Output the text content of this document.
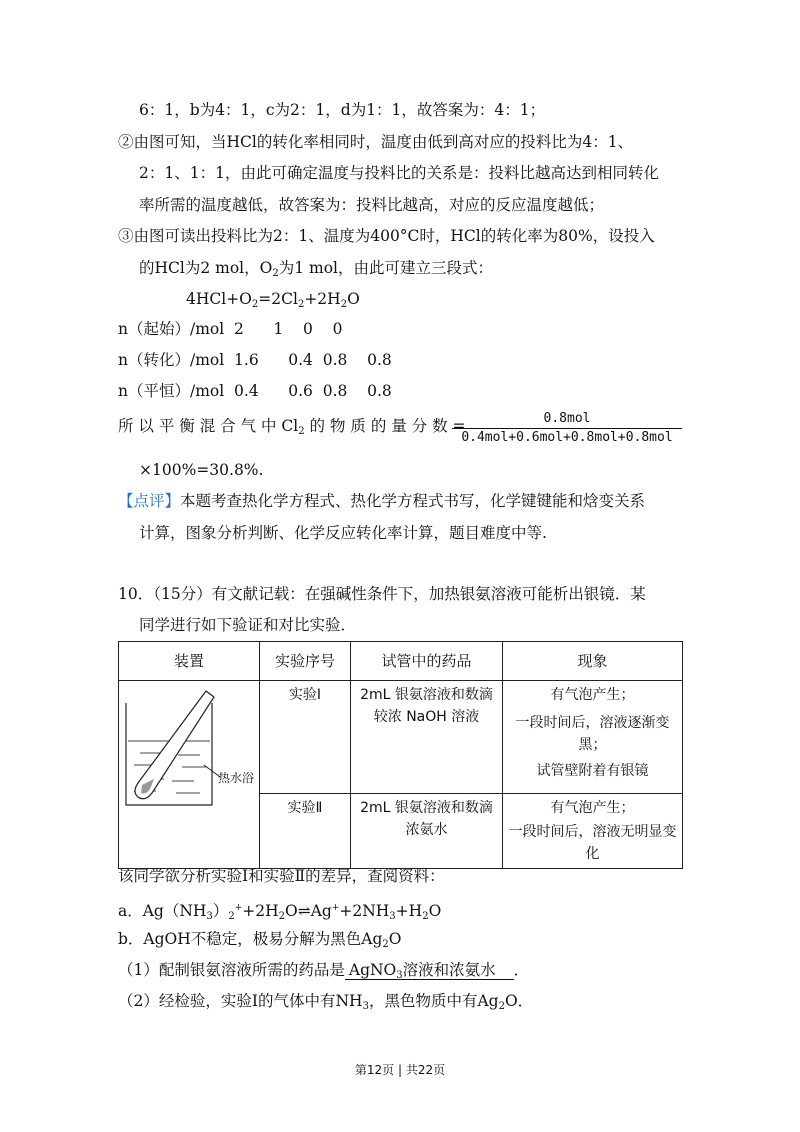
6：1，b为4：1，c为2：1，d为1：1，故答案为：4：1；
②由图可知，当HCl的转化率相同时，温度由低到高对应的投料比为4：1、
2：1、1：1，由此可确定温度与投料比的关系是：投料比越高达到相同转化
率所需的温度越低，故答案为：投料比越高，对应的反应温度越低；
③由图可读出投料比为2：1、温度为400°C时，HCl的转化率为80%，设投入
的HCl为2 mol，$O_2$为1 mol，由此可建立三段式：
$4HCl+O_2=2Cl_2+2H_2O$
n（起始）/mol  2      1    0    0
n（转化）/mol  1.6      0.4  0.8    0.8
n（平恒）/mol  0.4      0.6  0.8    0.8
所 以 平 衡 混 合 气 中 $Cl_2$ 的 物 质 的 量 分 数 =	0.8mol
0.4mol+0.6mol+0.8mol+0.8mol
×100%=30.8%.
【点评】本题考查热化学方程式、热化学方程式书写，化学键键能和焓变关系
计算，图象分析判断、化学反应转化率计算，题目难度中等.
10．（15分）有文献记载：在强碱性条件下，加热银氨溶液可能析出银镜．某
同学进行如下验证和对比实验．
装置	实验序号	试管中的药品	现象

热水浴	实验Ⅰ	2mL 银氨溶液和数滴较浓 NaOH 溶液	有气泡产生；
一段时间后，溶液逐渐变黑；
试管壁附着有银镜

	实验Ⅱ	2mL 银氨溶液和数滴浓氨水	有气泡产生；
一段时间后，溶液无明显变化
该同学欲分析实验Ⅰ和实验Ⅱ的差异，查阅资料：
a．$Ag(NH_3)_2^++2H_2O\rightleftharpoons Ag^++2NH_3+H_2O$
b．AgOH不稳定，极易分解为黑色$Ag_2O$
（1）配制银氨溶液所需的药品是 AgNO$_3$溶液和浓氨水 ．
（2）经检验，实验Ⅰ的气体中有$NH_3$，黑色物质中有$Ag_2O$．
第12页 | 共22页
